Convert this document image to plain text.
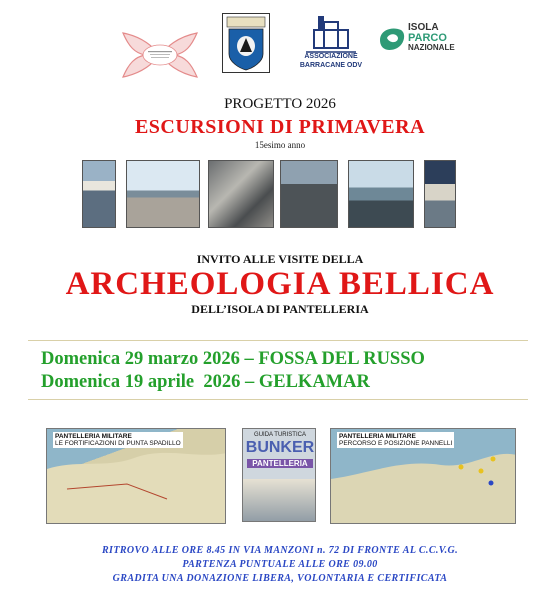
ASSOCIAZIONE BARRACANE ODV
ISOLA
PARCO
NAZIONALE
PROGETTO 2026
ESCURSIONI DI PRIMAVERA
15esimo anno
INVITO ALLE VISITE DELLA
ARCHEOLOGIA BELLICA
DELL’ISOLA DI PANTELLERIA
Domenica 29 marzo 2026 – FOSSA DEL RUSSO
Domenica 19 aprile  2026 – GELKAMAR
PANTELLERIA MILITARE
LE FORTIFICAZIONI DI PUNTA SPADILLO
GUIDA TURISTICA
BUNKER
PANTELLERIA
PANTELLERIA MILITARE
PERCORSO E POSIZIONE PANNELLI
RITROVO ALLE ORE 8.45 IN VIA MANZONI n. 72 DI FRONTE AL C.C.V.G.
PARTENZA PUNTUALE ALLE ORE 09.00
GRADITA UNA DONAZIONE LIBERA, VOLONTARIA E CERTIFICATA
